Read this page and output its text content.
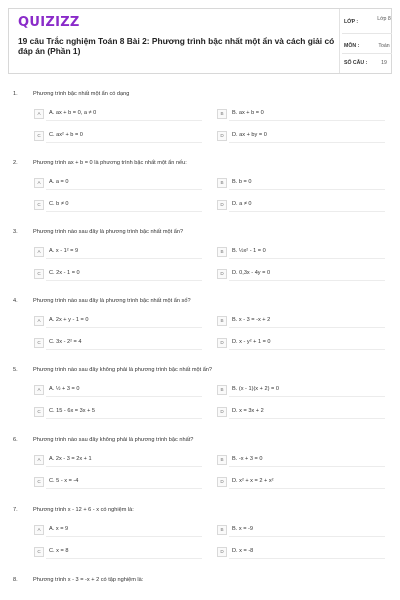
QUIZIZZ
19 câu Trắc nghiệm Toán 8 Bài 2: Phương trình bậc nhất một ẩn và cách giải có đáp án (Phần 1)
LỚP :	Lớp 8
MÔN :	Toán
SỐ CÂU :	19
1.	Phương trình bậc nhất một ẩn có dạng
A	A. ax + b = 0, a ≠ 0	B	B. ax + b = 0
C	C. ax² + b = 0	D	D. ax + by = 0
2.	Phương trình ax + b = 0 là phương trình bậc nhất một ẩn nếu:
A	A. a = 0	B	B. b = 0
C	C. b ≠ 0	D	D. a ≠ 0
3.	Phương trình nào sau đây là phương trình bậc nhất một ẩn?
A	A. x - 1² = 9	B	B. ½x² - 1 = 0
C	C. 2x - 1 = 0	D	D. 0,3x - 4y = 0
4.	Phương trình nào sau đây là phương trình bậc nhất một ẩn số?
A	A. 2x + y - 1 = 0	B	B. x - 3 = -x + 2
C	C. 3x - 2² = 4	D	D. x - y² + 1 = 0
5.	Phương trình nào sau đây không phải là phương trình bậc nhất một ẩn?
A	A. ½ + 3 = 0	B	B. (x - 1)(x + 2) = 0
C	C. 15 - 6x = 3x + 5	D	D. x = 3x + 2
6.	Phương trình nào sau đây không phải là phương trình bậc nhất?
A	A. 2x - 3 = 2x + 1	B	B. -x + 3 = 0
C	C. 5 - x = -4	D	D. x² + x = 2 + x²
7.	Phương trình x - 12 + 6 - x có nghiệm là:
A	A. x = 9	B	B. x = -9
C	C. x = 8	D	D. x = -8
8.	Phương trình x - 3 = -x + 2 có tập nghiệm là:
